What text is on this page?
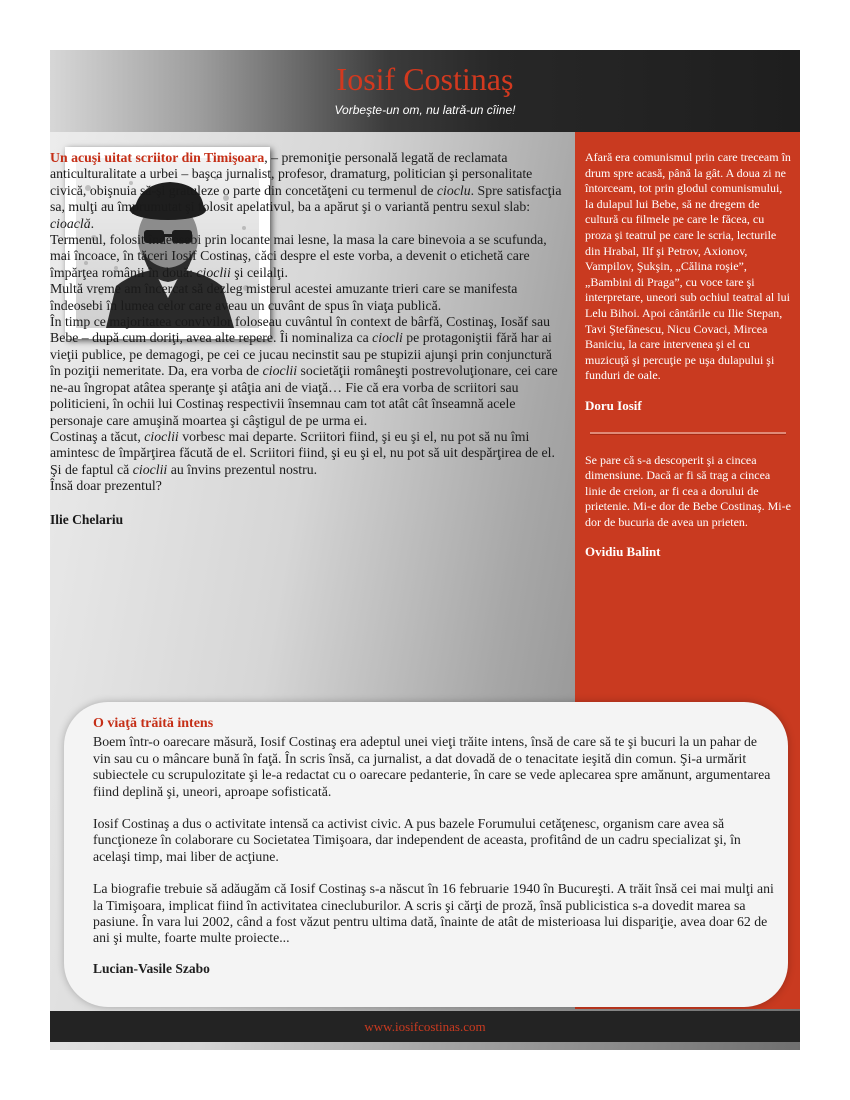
Iosif Costinaş
Vorbeşte-un om, nu latră-un cîine!

Afară era comunismul prin care treceam în drum spre acasă, până la gât. A doua zi ne întorceam, tot prin glodul comunismului, la dulapul lui Bebe, să ne dregem de cultură cu filmele pe care le făcea, cu proza şi teatrul pe care le scria, lecturile din Hrabal, Ilf şi Petrov, Axionov, Vampilov, Şukşin, „Călina roşie”, „Bambini di Praga”, cu voce tare şi interpretare, uneori sub ochiul teatral al lui Lelu Bihoi. Apoi cântările cu Ilie Stepan, Tavi Ştefănescu, Nicu Covaci, Mircea Baniciu, la care intervenea şi el cu muzicuţă şi percuţie pe uşa dulapului şi funduri de oale.

Doru Iosif

Se pare că s-a descoperit şi a cincea dimensiune. Dacă ar fi să trag a cincea linie de creion, ar fi cea a dorului de prietenie. Mi-e dor de Bebe Costinaş. Mi-e dor de bucuria de avea un prieten.

Ovidiu Balint

Un acuşi uitat scriitor din Timişoara, – premoniţie personală legată de reclamata anticulturalitate a urbei – başca jurnalist, profesor, dramaturg, politician şi personalitate civică, obişnuia să-şi gratuleze o parte din concetăţeni cu termenul de cioclu. Spre satisfacţia sa, mulţi au împrumutat şi folosit apelativul, ba a apărut şi o variantă pentru sexul slab: cioaclă.

Termenul, folosit îndeosebi prin locante mai lesne, la masa la care binevoia a se scufunda, mai încoace, în tăceri Iosif Costinaş, căci despre el este vorba, a devenit o etichetă care împărţea românii în două: cioclii şi ceilalţi.

Multă vreme am încercat să dezleg misterul acestei amuzante trieri care se manifesta îndeosebi în lumea celor care aveau un cuvânt de spus în viaţa publică.

În timp ce majoritatea convivilor foloseau cuvântul în context de bârfă, Costinaş, Iosăf sau Bebe – după cum doriţi, avea alte repere. Îi nominaliza ca ciocli pe protagoniştii fără har ai vieţii publice, pe demagogi, pe cei ce jucau necinstit sau pe stupizii ajunşi prin conjunctură în poziţii nemeritate. Da, era vorba de cioclii societăţii româneşti postrevoluţionare, cei care ne-au îngropat atâtea speranţe şi atâţia ani de viaţă… Fie că era vorba de scriitori sau politicieni, în ochii lui Costinaş respectivii însemnau cam tot atât cât înseamnă acele personaje care amuşină moartea şi câştigul de pe urma ei.

Costinaş a tăcut, cioclii vorbesc mai departe. Scriitori fiind, şi eu şi el, nu pot să nu îmi amintesc de împărţirea făcută de el. Scriitori fiind, şi eu şi el, nu pot să uit despărţirea de el. Şi de faptul că cioclii au învins prezentul nostru.

Însă doar prezentul?

Ilie Chelariu
O viaţă trăită intens

Boem într-o oarecare măsură, Iosif Costinaş era adeptul unei vieţi trăite intens, însă de care să te şi bucuri la un pahar de vin sau cu o mâncare bună în faţă. În scris însă, ca jurnalist, a dat dovadă de o tenacitate ieşită din comun. Şi-a urmărit subiectele cu scrupulozitate şi le-a redactat cu o oarecare pedanterie, în care se vede aplecarea spre amănunt, argumentarea fiind deplină şi, uneori, aproape sofisticată.

Iosif Costinaş a dus o activitate intensă ca activist civic. A pus bazele Forumului cetăţenesc, organism care avea să funcţioneze în colaborare cu Societatea Timişoara, dar independent de aceasta, profitând de un cadru specializat şi, în acelaşi timp, mai liber de acţiune.

La biografie trebuie să adăugăm că Iosif Costinaş s-a născut în 16 februarie 1940 în Bucureşti. A trăit însă cei mai mulţi ani la Timişoara, implicat fiind în activitatea cinecluburilor. A scris şi cărţi de proză, însă publicistica s-a dovedit marea sa pasiune. În vara lui 2002, când a fost văzut pentru ultima dată, înainte de atât de misterioasa lui dispariţie, avea doar 62 de ani şi multe, foarte multe proiecte...

Lucian-Vasile Szabo
www.iosifcostinas.com
